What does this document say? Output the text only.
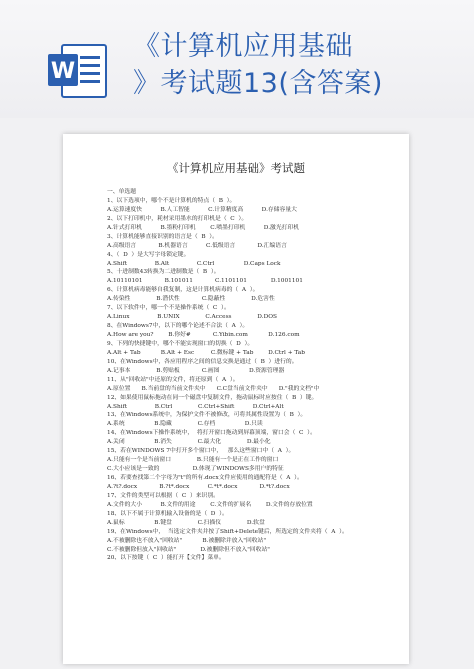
W
《计算机应用基础
》考试题13(含答案)
《计算机应用基础》考试题
一、单选题
1、以下选项中，哪个不是计算机的特点（  B  ）。
A.运算速度快          B.人工智能          C.计算精度高          D.存储容量大
2、以下打印机中，耗材采用墨水的打印机是（  C  ）。
A.针式打印机          B.墨粉打印机        C.喷墨打印机          D.激光打印机
3、计算机能够直接识别的语言是（  B  ）。
A.高级语言            B.机器语言          C.低级语言            D.汇编语言
4、（  D  ）是大写字母锁定键。
A.Shift               B.Alt               C.Ctrl                D.Caps Lock
5、十进制数43转换为二进制数是（  B  ）。
A.10110101            B.101011            C.1101101             D.1001101
6、计算机病毒能够自我复制，这是计算机病毒的（  A  ）。
A.传染性              B.潜伏性            C.隐蔽性              D.危害性
7、以下软件中，哪一个不是操作系统（  C  ）。
A.Linux               B.UNIX              C.Access              D.DOS
8、在Windows7中，以下的哪个论述不合法（  A  ）。
A.How are you?        B.你好#            C.Yibin.com           D.126.com
9、下列的快捷键中，哪个不能实现窗口的切换（  D  ）。
A.Alt + Tab           B.Alt + Esc         C.微标键 + Tab        D.Ctrl + Tab
10、在Windows中，各应用程序之间的信息交换是通过（  B  ）进行的。
A.记事本              B.剪贴板            C.画图                D.资源管理器
11、从"回收站"中还原的文件，将还原到（  A  ）。
A.原位置      B.当前盘的当前文件夹中      C.C盘当前文件夹中      D."我的文档"中
12、如果使用鼠标拖动在同一个磁盘中复制文件，拖动鼠标时应按住（  B  ）键。
A.Shift               B.Ctrl              C.Ctrl+Shift          D.Ctrl+Alt
13、在Windows系统中，为保护文件不被修改，可将其属性设置为（  B  ）。
A.系统                B.隐藏              C.存档                D.只读
14、在Windows下操作系统中，  将打开窗口拖动到屏幕顶端，窗口会（  C  ）。
A.关闭                B.消失              C.最大化              D.最小化
15、若在WINDOWS 7中打开多个窗口中，   那么这些窗口中（  A  ）。
A.只能有一个是当前窗口              B.只能有一个是正在工作的窗口
C.大小应该是一致的                  D.体现了WINDOWS多用户的特征
16、若要查找第二个字母为"t"的所有.docx文件应使用的通配符是（  A  ）。
A.?t?.docx            B.?t*.docx          C.*t*.docx            D.*t?.docx
17、文件的类型可以根据（  C  ）来识别。
A.文件的大小          B.文件的用途        C.文件的扩展名        D.文件的存放位置
18、以下不属于计算机输入设备的是（  D  ）。
A.鼠标                B.键盘              C.扫描仪              D.软盘
19、在Windows中，  当选定文件夹并按了Shift+Delete键后，所选定的文件夹将（  A  ）。
A.不被删除也不放入"回收站"           B.被删除并放入"回收站"
C.不被删除但放入"回收站"             D.被删除但不放入"回收站"
20、以下按键（  C  ）能打开【文件】菜单。
